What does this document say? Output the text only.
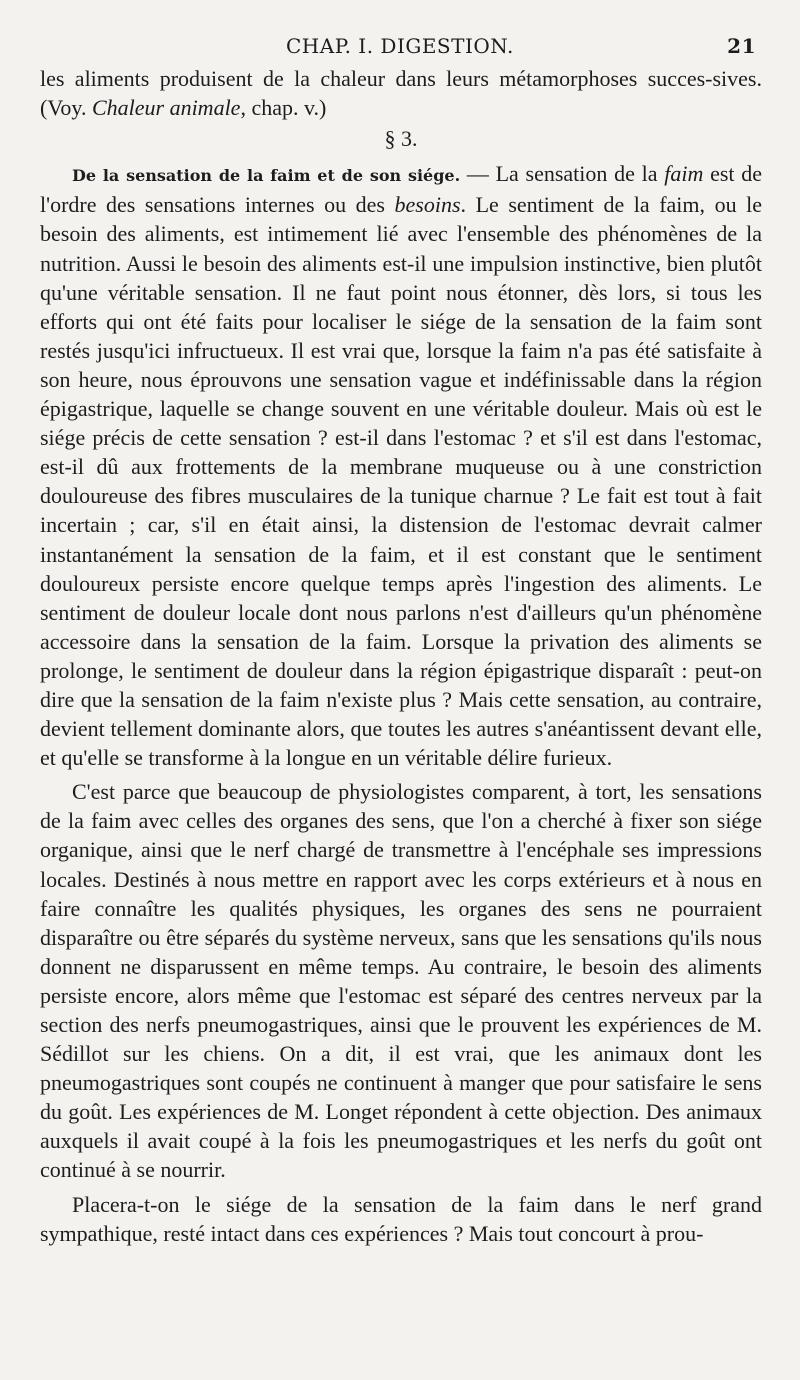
CHAP. I. DIGESTION.	21

les aliments produisent de la chaleur dans leurs métamorphoses succes-sives. (Voy. Chaleur animale, chap. v.)

§ 3.

De la sensation de la faim et de son siége. — La sensation de la faim est de l'ordre des sensations internes ou des besoins. Le sentiment de la faim, ou le besoin des aliments, est intimement lié avec l'ensemble des phénomènes de la nutrition. Aussi le besoin des aliments est-il une impulsion instinctive, bien plutôt qu'une véritable sensation. Il ne faut point nous étonner, dès lors, si tous les efforts qui ont été faits pour localiser le siége de la sensation de la faim sont restés jusqu'ici infructueux. Il est vrai que, lorsque la faim n'a pas été satisfaite à son heure, nous éprouvons une sensation vague et indéfinissable dans la région épigastrique, laquelle se change souvent en une véritable douleur. Mais où est le siége précis de cette sensation ? est-il dans l'estomac ? et s'il est dans l'estomac, est-il dû aux frottements de la membrane muqueuse ou à une constriction douloureuse des fibres musculaires de la tunique charnue ? Le fait est tout à fait incertain ; car, s'il en était ainsi, la distension de l'estomac devrait calmer instantanément la sensation de la faim, et il est constant que le sentiment douloureux persiste encore quelque temps après l'ingestion des aliments. Le sentiment de douleur locale dont nous parlons n'est d'ailleurs qu'un phénomène accessoire dans la sensation de la faim. Lorsque la privation des aliments se prolonge, le sentiment de douleur dans la région épigastrique disparaît : peut-on dire que la sensation de la faim n'existe plus ? Mais cette sensation, au contraire, devient tellement dominante alors, que toutes les autres s'anéantissent devant elle, et qu'elle se transforme à la longue en un véritable délire furieux.

C'est parce que beaucoup de physiologistes comparent, à tort, les sensations de la faim avec celles des organes des sens, que l'on a cherché à fixer son siége organique, ainsi que le nerf chargé de transmettre à l'encéphale ses impressions locales. Destinés à nous mettre en rapport avec les corps extérieurs et à nous en faire connaître les qualités physiques, les organes des sens ne pourraient disparaître ou être séparés du système nerveux, sans que les sensations qu'ils nous donnent ne disparussent en même temps. Au contraire, le besoin des aliments persiste encore, alors même que l'estomac est séparé des centres nerveux par la section des nerfs pneumogastriques, ainsi que le prouvent les expériences de M. Sédillot sur les chiens. On a dit, il est vrai, que les animaux dont les pneumogastriques sont coupés ne continuent à manger que pour satisfaire le sens du goût. Les expériences de M. Longet répondent à cette objection. Des animaux auxquels il avait coupé à la fois les pneumogastriques et les nerfs du goût ont continué à se nourrir.

Placera-t-on le siége de la sensation de la faim dans le nerf grand sympathique, resté intact dans ces expériences ? Mais tout concourt à prou-
